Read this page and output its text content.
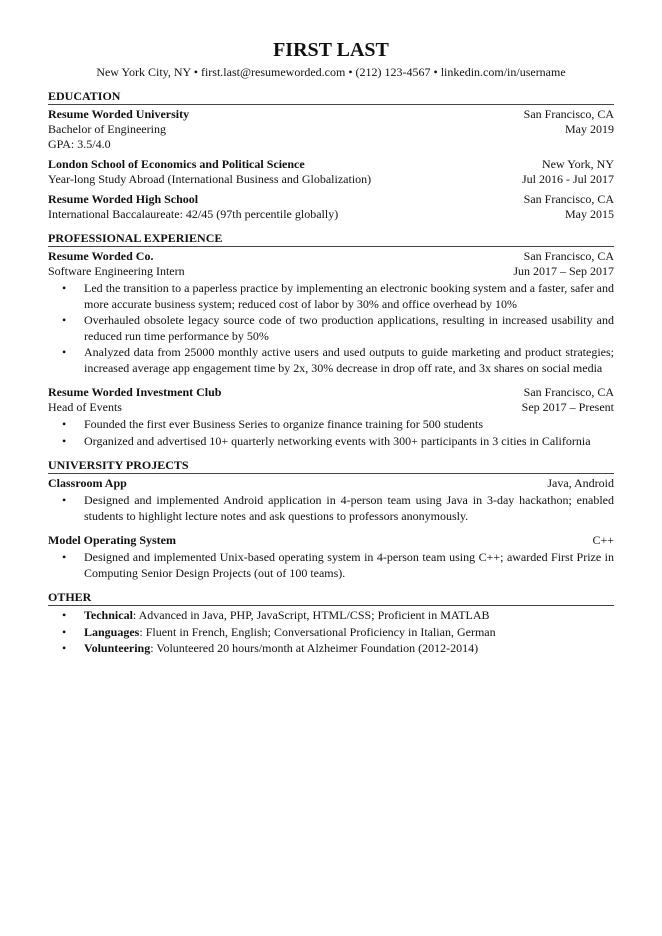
FIRST LAST
New York City, NY • first.last@resumeworded.com • (212) 123-4567 • linkedin.com/in/username
EDUCATION
Resume Worded University	San Francisco, CA
Bachelor of Engineering	May 2019
GPA: 3.5/4.0
London School of Economics and Political Science	New York, NY
Year-long Study Abroad (International Business and Globalization)	Jul 2016 - Jul 2017
Resume Worded High School	San Francisco, CA
International Baccalaureate: 42/45 (97th percentile globally)	May 2015
PROFESSIONAL EXPERIENCE
Resume Worded Co.	San Francisco, CA
Software Engineering Intern	Jun 2017 – Sep 2017
• Led the transition to a paperless practice by implementing an electronic booking system and a faster, safer and more accurate business system; reduced cost of labor by 30% and office overhead by 10%
• Overhauled obsolete legacy source code of two production applications, resulting in increased usability and reduced run time performance by 50%
• Analyzed data from 25000 monthly active users and used outputs to guide marketing and product strategies; increased average app engagement time by 2x, 30% decrease in drop off rate, and 3x shares on social media
Resume Worded Investment Club	San Francisco, CA
Head of Events	Sep 2017 – Present
• Founded the first ever Business Series to organize finance training for 500 students
• Organized and advertised 10+ quarterly networking events with 300+ participants in 3 cities in California
UNIVERSITY PROJECTS
Classroom App	Java, Android
• Designed and implemented Android application in 4-person team using Java in 3-day hackathon; enabled students to highlight lecture notes and ask questions to professors anonymously.
Model Operating System	C++
• Designed and implemented Unix-based operating system in 4-person team using C++; awarded First Prize in Computing Senior Design Projects (out of 100 teams).
OTHER
• Technical: Advanced in Java, PHP, JavaScript, HTML/CSS; Proficient in MATLAB
• Languages: Fluent in French, English; Conversational Proficiency in Italian, German
• Volunteering: Volunteered 20 hours/month at Alzheimer Foundation (2012-2014)
